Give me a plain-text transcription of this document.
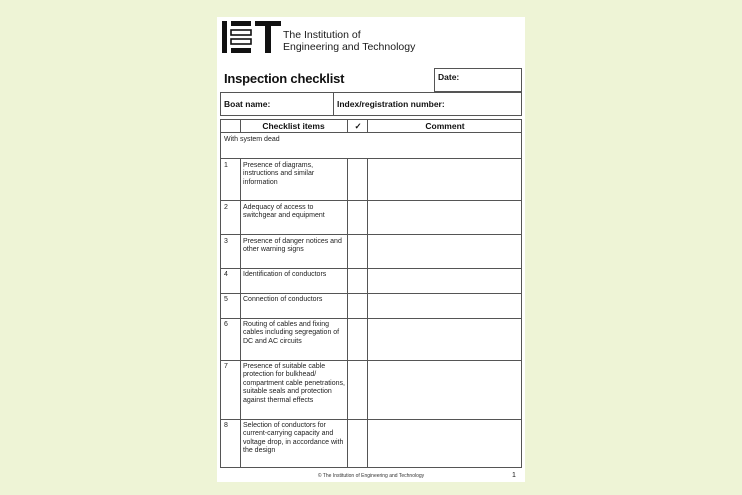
The Institution of
Engineering and Technology
Inspection checklist	Date:
Boat name:	Index/registration number:
Checklist items	✓	Comment
With system dead
1 Presence of diagrams, instructions and similar information
2 Adequacy of access to switchgear and equipment
3 Presence of danger notices and other warning signs
4 Identification of conductors
5 Connection of conductors
6 Routing of cables and fixing cables including segregation of DC and AC circuits
7 Presence of suitable cable protection for bulkhead/ compartment cable penetrations, suitable seals and protection against thermal effects
8 Selection of conductors for current-carrying capacity and voltage drop, in accordance with the design
© The Institution of Engineering and Technology	1
